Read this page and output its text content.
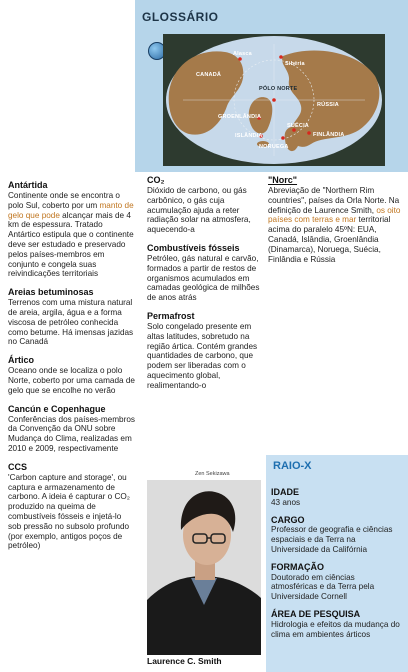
GLOSSÁRIO
Alasca
Sibéria
CANADÁ
PÓLO NORTE
RÚSSIA
GROENLÂNDIA
SUÉCIA
ISLÂNDIA	FINLÂNDIA
NORUEGA
Antártida
Continente onde se encontra o polo Sul, coberto por um manto de gelo que pode alcançar mais de 4 km de espessura. Tratado Antártico estipula que o continente deve ser estudado e preservado pelos países-membros em conjunto e congela suas reivindicações territoriais
Areias betuminosas
Terrenos com uma mistura natural de areia, argila, água e a forma viscosa de petróleo conhecida como betume. Há imensas jazidas no Canadá
Ártico
Oceano onde se localiza o polo Norte, coberto por uma camada de gelo que se encolhe no verão
Cancún e Copenhague
Conferências dos países-membros da Convenção da ONU sobre Mudança do Clima, realizadas em 2010 e 2009, respectivamente
CCS
'Carbon capture and storage', ou captura e armazenamento de carbono. A ideia é capturar o CO₂ produzido na queima de combustíveis fósseis e injetá-lo sob pressão no subsolo profundo (por exemplo, antigos poços de petróleo)
CO₂
Dióxido de carbono, ou gás carbônico, o gás cuja acumulação ajuda a reter radiação solar na atmosfera, aquecendo-a
Combustíveis fósseis
Petróleo, gás natural e carvão, formados a partir de restos de organismos acumulados em camadas geológica de milhões de anos atrás
Permafrost
Solo congelado presente em altas latitudes, sobretudo na região ártica. Contém grandes quantidades de carbono, que podem ser liberadas com o aquecimento global, realimentando-o
"Norc"
Abreviação de "Northern Rim countries", países da Orla Norte. Na definição de Laurence Smith, os oito países com terras e mar territorial acima do paralelo 45ºN: EUA, Canadá, Islândia, Groenlândia (Dinamarca), Noruega, Suécia, Finlândia e Rússia
Zen Sekizawa
Laurence C. Smith
RAIO-X
IDADE
43 anos
CARGO
Professor de geografia e ciências espaciais e da Terra na Universidade da Califórnia
FORMAÇÃO
Doutorado em ciências atmosféricas e da Terra pela Universidade Cornell
ÁREA DE PESQUISA
Hidrologia e efeitos da mudança do clima em ambientes árticos
